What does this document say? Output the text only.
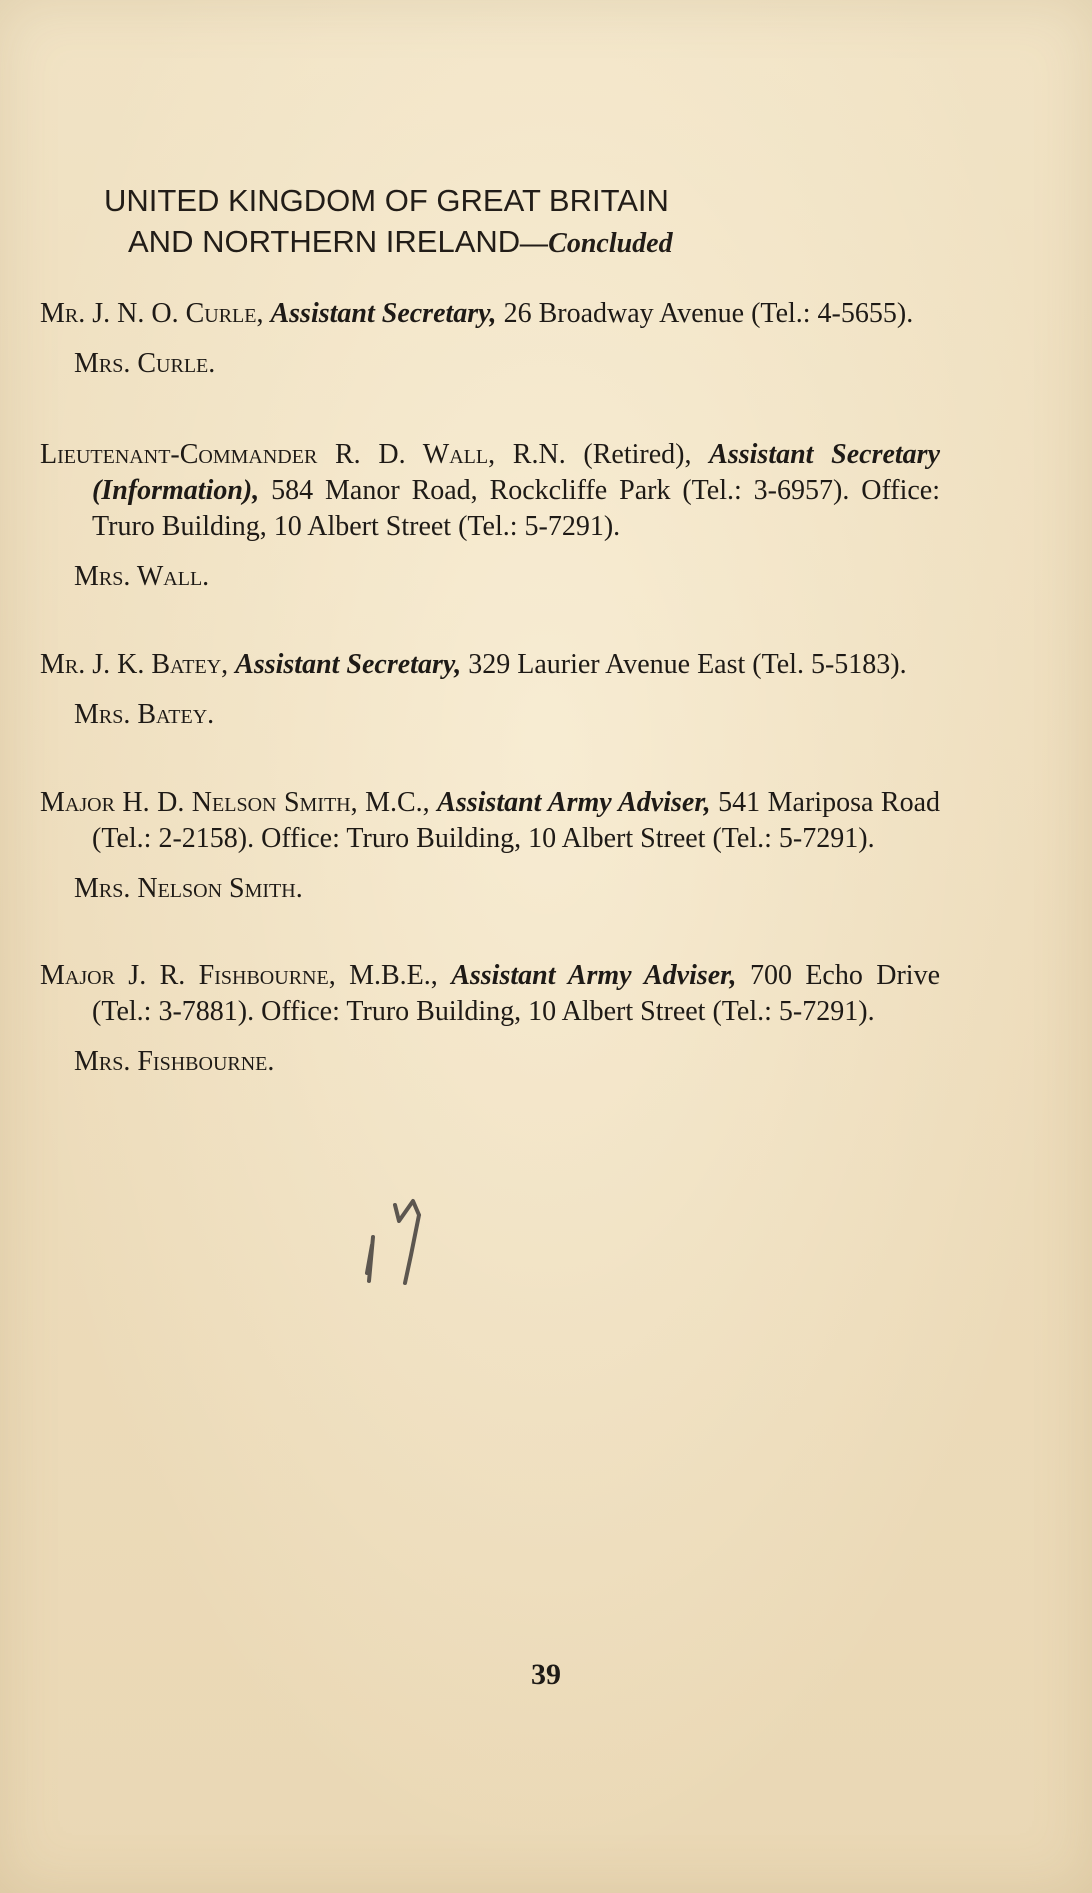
UNITED KINGDOM OF GREAT BRITAIN
AND NORTHERN IRELAND—Concluded

Mr. J. N. O. Curle, Assistant Secretary, 26 Broadway Avenue (Tel.: 4-5655).

Mrs. Curle.

Lieutenant-Commander R. D. Wall, R.N. (Retired), Assistant Secretary (Information), 584 Manor Road, Rockcliffe Park (Tel.: 3-6957). Office: Truro Building, 10 Albert Street (Tel.: 5-7291).

Mrs. Wall.

Mr. J. K. Batey, Assistant Secretary, 329 Laurier Avenue East (Tel. 5-5183).

Mrs. Batey.

Major H. D. Nelson Smith, M.C., Assistant Army Adviser, 541 Mariposa Road (Tel.: 2-2158). Office: Truro Building, 10 Albert Street (Tel.: 5-7291).

Mrs. Nelson Smith.

Major J. R. Fishbourne, M.B.E., Assistant Army Adviser, 700 Echo Drive (Tel.: 3-7881). Office: Truro Building, 10 Albert Street (Tel.: 5-7291).

Mrs. Fishbourne.

39
